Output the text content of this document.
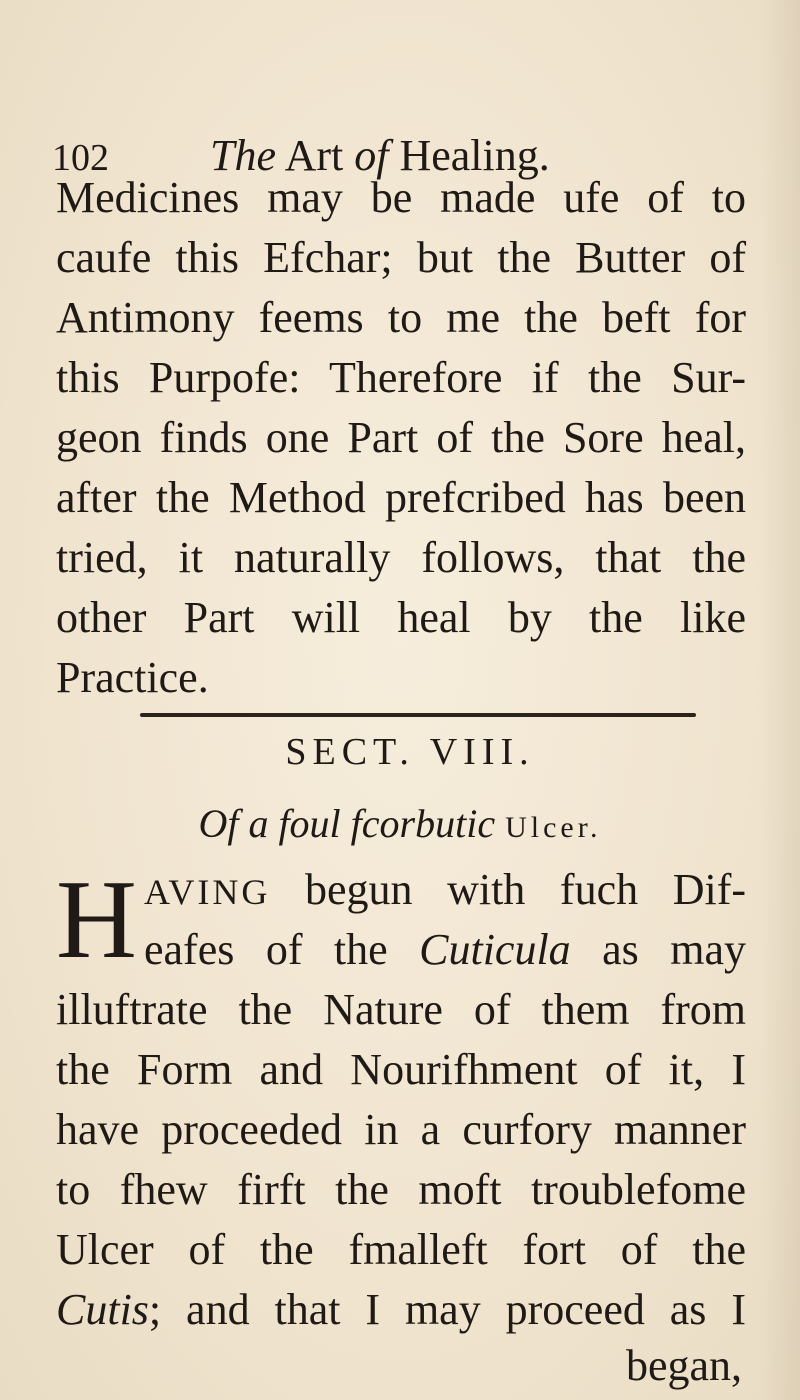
102 The Art of Healing.
Medicines may be made ufe of to
caufe this Efchar; but the Butter of
Antimony feems to me the beft for
this Purpofe: Therefore if the Sur-
geon finds one Part of the Sore heal,
after the Method prefcribed has been
tried, it naturally follows, that the
other Part will heal by the like
Practice.
SECT. VIII.
Of a foul fcorbutic Ulcer.
H AVING begun with fuch Dif-
eafes of the Cuticula as may
illuftrate the Nature of them from
the Form and Nourifhment of it, I
have proceeded in a curfory manner
to fhew firft the moft troublefome
Ulcer of the fmalleft fort of the
Cutis; and that I may proceed as I
began,
